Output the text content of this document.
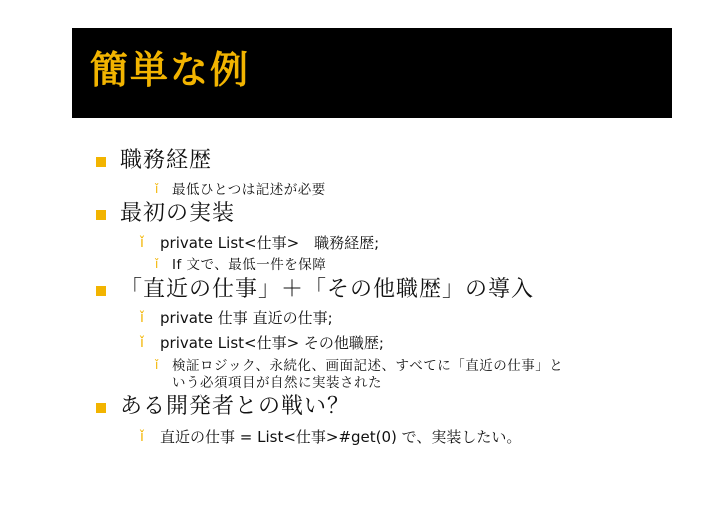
簡単な例
職務経歴
ǐ 最低ひとつは記述が必要
最初の実装
ǐ private List<仕事>　職務経歴;
ǐ If 文で、最低一件を保障
「直近の仕事」＋「その他職歴」の導入
ǐ private 仕事 直近の仕事;
ǐ private List<仕事> その他職歴;
ǐ 検証ロジック、永続化、画面記述、すべてに「直近の仕事」と
いう必須項目が自然に実装された
ある開発者との戦い？
ǐ 直近の仕事 = List<仕事>#get(0) で、実装したい。
